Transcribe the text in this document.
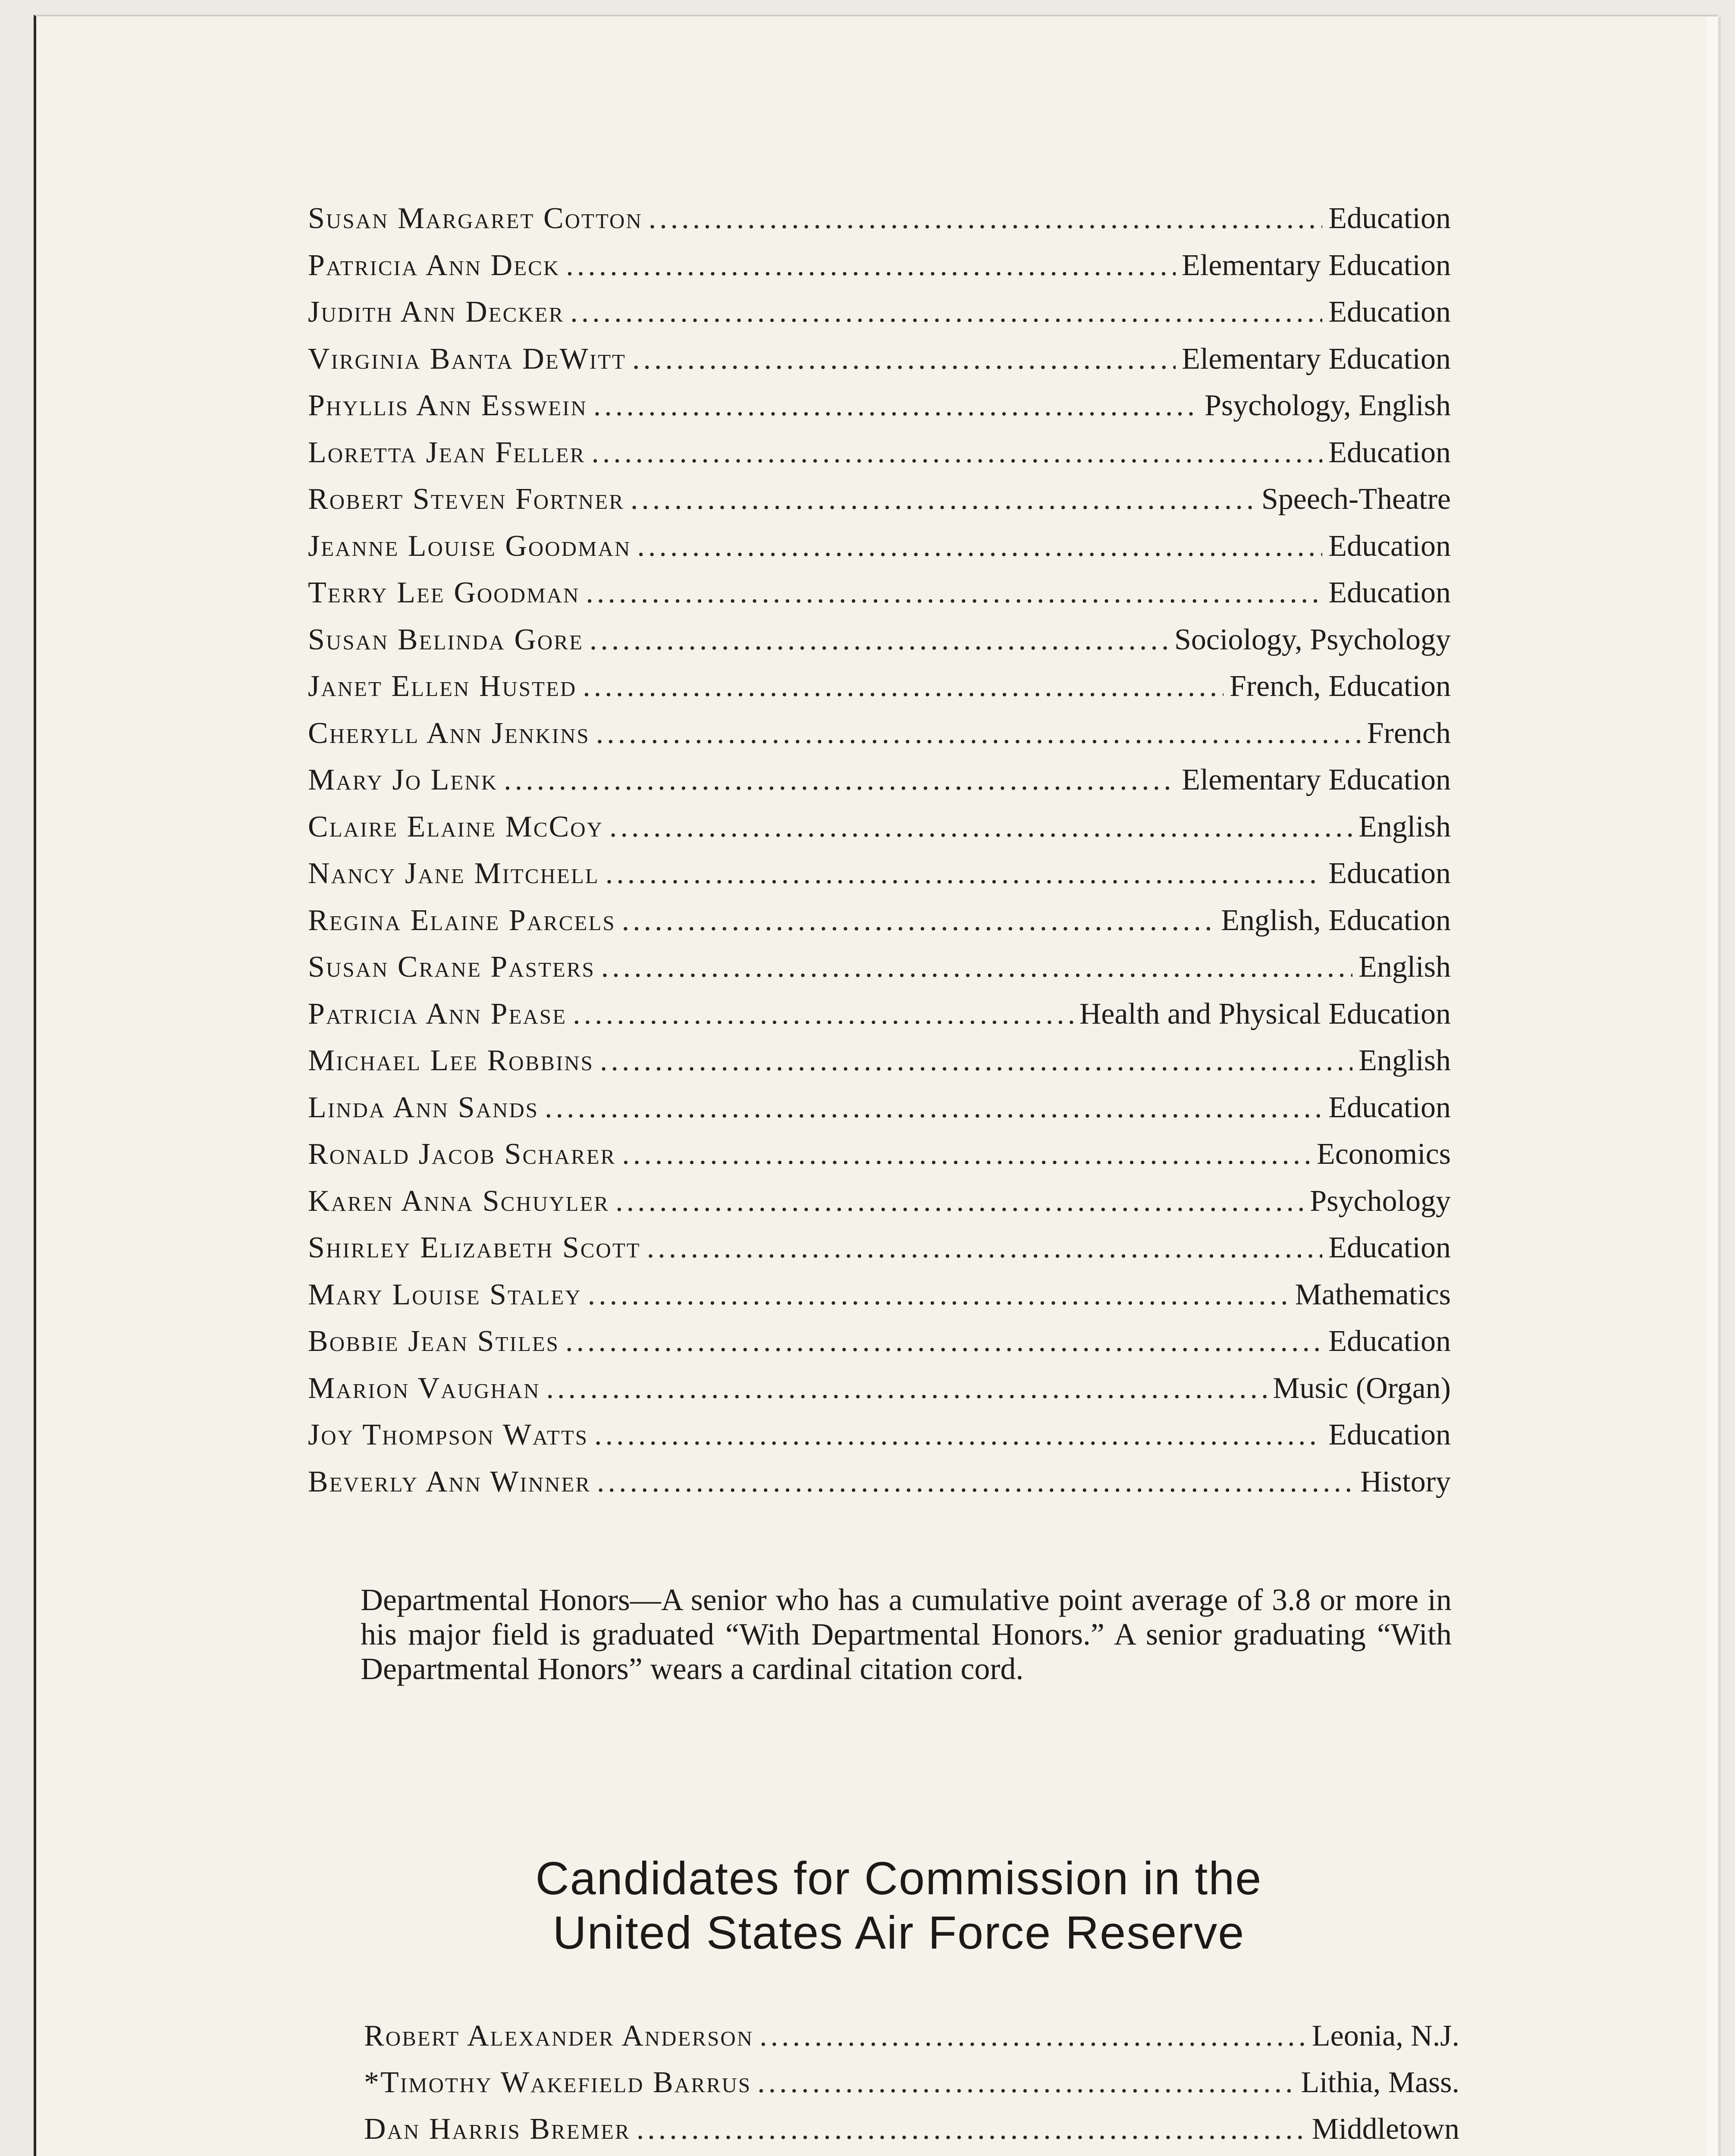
Susan Margaret Cotton .....	Education
Patricia Ann Deck .....	Elementary Education
Judith Ann Decker .....	Education
Virginia Banta DeWitt .....	Elementary Education
Phyllis Ann Esswein .....	Psychology, English
Loretta Jean Feller .....	Education
Robert Steven Fortner .....	Speech-Theatre
Jeanne Louise Goodman .....	Education
Terry Lee Goodman .....	Education
Susan Belinda Gore .....	Sociology, Psychology
Janet Ellen Husted .....	French, Education
Cheryll Ann Jenkins .....	French
Mary Jo Lenk .....	Elementary Education
Claire Elaine McCoy .....	English
Nancy Jane Mitchell .....	Education
Regina Elaine Parcels .....	English, Education
Susan Crane Pasters .....	English
Patricia Ann Pease .....	Health and Physical Education
Michael Lee Robbins .....	English
Linda Ann Sands .....	Education
Ronald Jacob Scharer .....	Economics
Karen Anna Schuyler .....	Psychology
Shirley Elizabeth Scott .....	Education
Mary Louise Staley .....	Mathematics
Bobbie Jean Stiles .....	Education
Marion Vaughan .....	Music (Organ)
Joy Thompson Watts .....	Education
Beverly Ann Winner .....	History

Departmental Honors—A senior who has a cumulative point average of 3.8 or more in his major field is graduated “With Departmental Honors.” A senior graduating “With Departmental Honors” wears a cardinal citation cord.

Candidates for Commission in the
United States Air Force Reserve
Robert Alexander Anderson .....	Leonia, N.J.
*Timothy Wakefield Barrus .....	Lithia, Mass.
Dan Harris Bremer .....	Middletown
.....
